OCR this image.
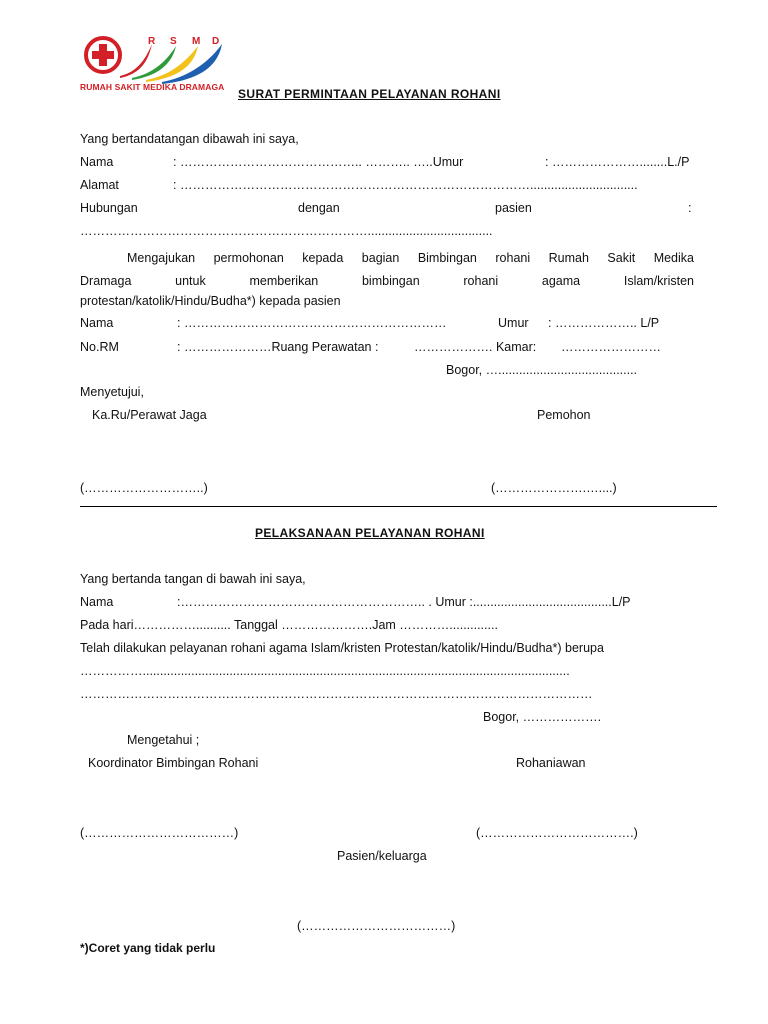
R S M D
RUMAH SAKIT MEDIKA DRAMAGA SURAT PERMINTAAN PELAYANAN ROHANI
Yang bertandatangan dibawah ini saya,
Nama	: …………………………………….. ……….. …..Umur	: …………………........L./P
Alamat	: …………………………………………………………………………...............................
Hubungan	dengan	pasien	:
……………………………………………………………....................................
Mengajukan permohonan kepada bagian Bimbingan rohani Rumah Sakit Medika
Dramaga untuk memberikan bimbingan rohani agama Islam/kristen
protestan/katolik/Hindu/Budha*) kepada pasien
Nama	: ………………………………………………………	Umur : ……………….. L/P
No.RM	: …………………Ruang Perawatan :	………………. Kamar: ……………………
Bogor, …........................................
Menyetujui,
Ka.Ru/Perawat Jaga	Pemohon
(………………………..)	(………………….…....)
PELAKSANAAN PELAYANAN ROHANI
Yang bertanda tangan di bawah ini saya,
Nama	:………………………………………………….. . Umur :........................................L/P
Pada hari…………….......... Tanggal ………………….Jam …………..............
Telah dilakukan pelayanan rohani agama Islam/kristen Protestan/katolik/Hindu/Budha*) berupa
……………...........................................................................................................................
……………………………………………………………………………………………………………
Bogor, ……………….
Mengetahui ;
Koordinator Bimbingan Rohani	Rohaniawan
(………………………………)	(……………………………….)
Pasien/keluarga
(………………………………)
*)Coret yang tidak perlu
